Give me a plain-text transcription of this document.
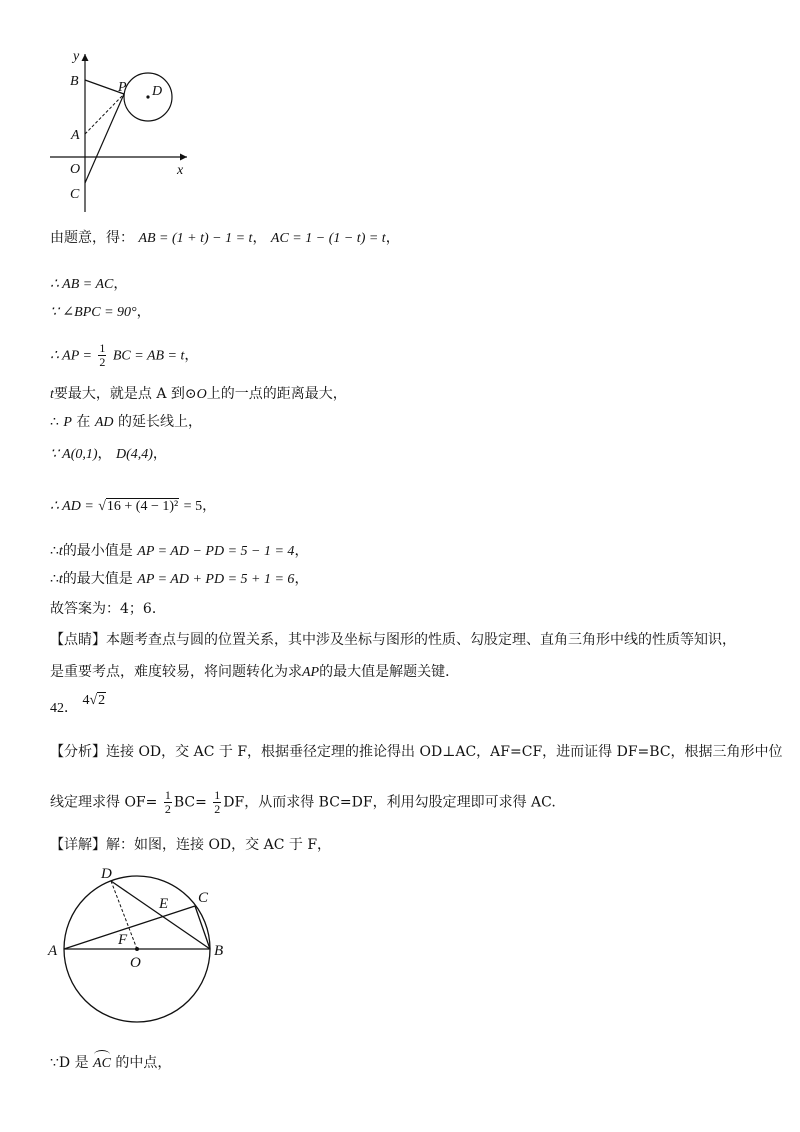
y
B	P D
A
O	x
C
由题意，得： AB = (1 + t) − 1 = t， AC = 1 − (1 − t) = t，
∴ AB = AC，
∵ ∠BPC = 90°，
∴ AP = $\frac{1}{2}$ BC = AB = t，
t要最大，就是点 A 到⊙O上的一点的距离最大，
∴ P 在 AD 的延长线上，
∵ A(0,1)， D(4,4)，
∴ AD = √16 + (4 − 1)² = 5，
∴t的最小值是 AP = AD − PD = 5 − 1 = 4，
∴t的最大值是 AP = AD + PD = 5 + 1 = 6，
故答案为：4；6．
【点睛】本题考查点与圆的位置关系，其中涉及坐标与图形的性质、勾股定理、直角三角形中线的性质等知识，
是重要考点，难度较易，将问题转化为求AP的最大值是解题关键．
42． 4√2
【分析】连接 OD，交 AC 于 F，根据垂径定理的推论得出 OD⊥AC，AF=CF，进而证得 DF=BC，根据三角形中位
线定理求得 $OF= \frac{1}{2} BC= \frac{1}{2}$ DF，从而求得 BC=DF，利用勾股定理即可求得 AC.
【详解】解：如图，连接 OD，交 AC 于 F，
D
E C
A
F
O
B
∵D 是 AC 的中点，
